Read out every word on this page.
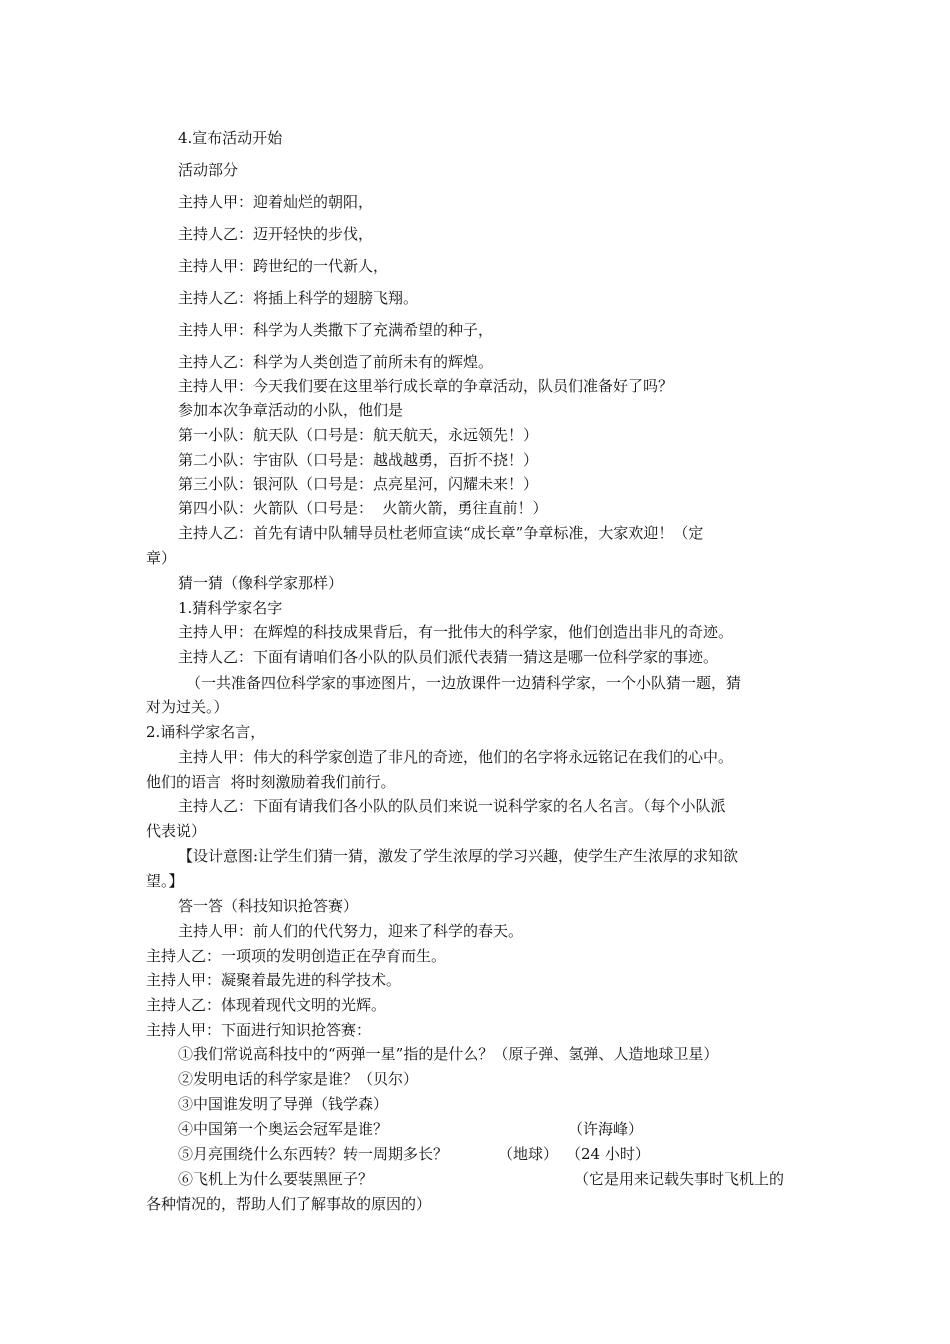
4.宣布活动开始

活动部分

主持人甲：迎着灿烂的朝阳，

主持人乙：迈开轻快的步伐，

主持人甲：跨世纪的一代新人，

主持人乙：将插上科学的翅膀飞翔。

主持人甲：科学为人类撒下了充满希望的种子，

主持人乙：科学为人类创造了前所未有的辉煌。

主持人甲：今天我们要在这里举行成长章的争章活动，队员们准备好了吗？

参加本次争章活动的小队，他们是

第一小队：航天队（口号是：航天航天，永远领先！）

第二小队：宇宙队（口号是：越战越勇，百折不挠！）

第三小队：银河队（口号是：点亮星河，闪耀未来！）

第四小队：火箭队（口号是：  火箭火箭，勇往直前！）

主持人乙：首先有请中队辅导员杜老师宣读“成长章”争章标准，大家欢迎！（定

章）

猜一猜（像科学家那样）

1.猜科学家名字

主持人甲：在辉煌的科技成果背后，有一批伟大的科学家，他们创造出非凡的奇迹。

主持人乙：下面有请咱们各小队的队员们派代表猜一猜这是哪一位科学家的事迹。

（一共准备四位科学家的事迹图片，一边放课件一边猜科学家，一个小队猜一题，猜

对为过关。）

2.诵科学家名言，

主持人甲：伟大的科学家创造了非凡的奇迹，他们的名字将永远铭记在我们的心中。

他们的语言  将时刻激励着我们前行。

主持人乙：下面有请我们各小队的队员们来说一说科学家的名人名言。（每个小队派

代表说）

【设计意图:让学生们猜一猜，激发了学生浓厚的学习兴趣，使学生产生浓厚的求知欲

望。】

答一答（科技知识抢答赛）

主持人甲：前人们的代代努力，迎来了科学的春天。

主持人乙：一项项的发明创造正在孕育而生。

主持人甲：凝聚着最先进的科学技术。

主持人乙：体现着现代文明的光辉。

主持人甲：下面进行知识抢答赛：

①我们常说高科技中的“两弹一星”指的是什么？（原子弹、氢弹、人造地球卫星）

②发明电话的科学家是谁？（贝尔）

③中国谁发明了导弹（钱学森）

④中国第一个奥运会冠军是谁？	（许海峰）

⑤月亮围绕什么东西转？转一周期多长？	（地球） （24 小时）

⑥飞机上为什么要装黑匣子？	（它是用来记载失事时飞机上的

各种情况的，帮助人们了解事故的原因的）
